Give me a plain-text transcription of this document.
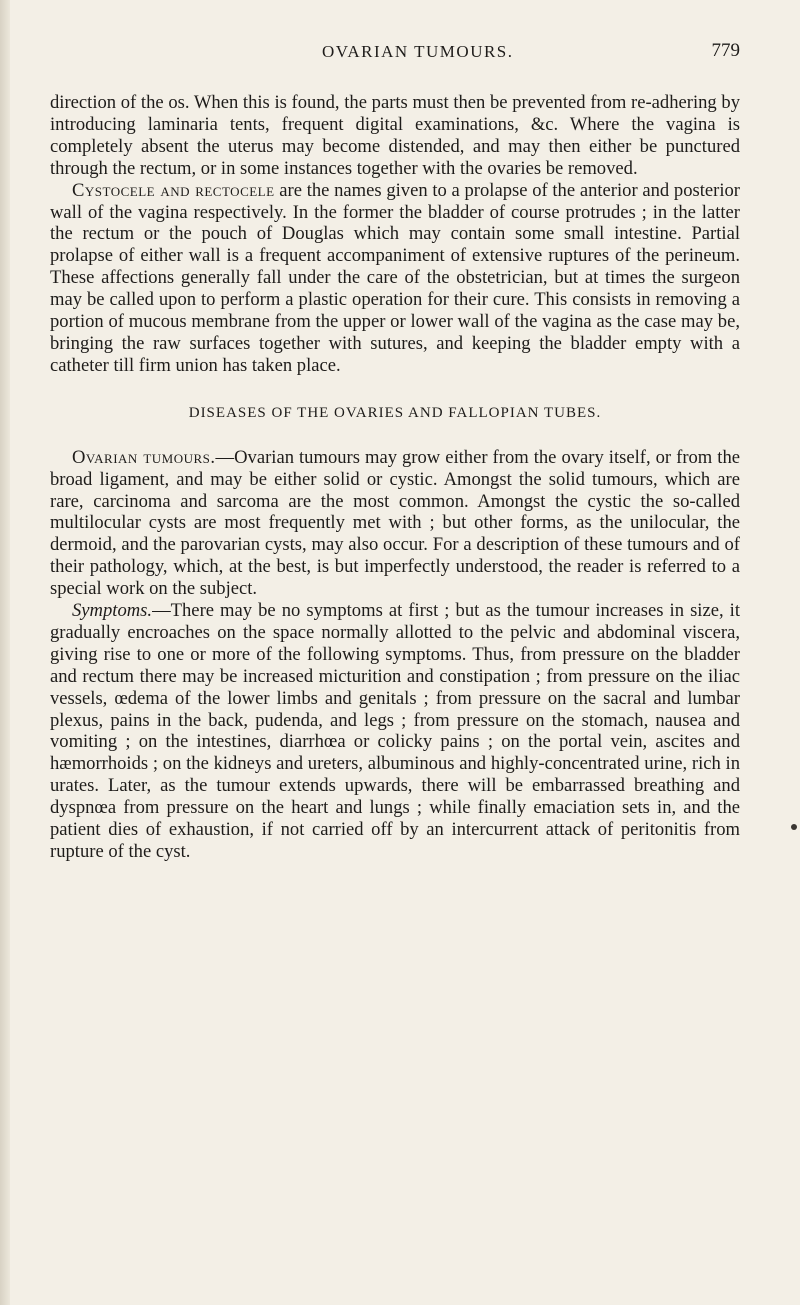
OVARIAN TUMOURS.	779

direction of the os. When this is found, the parts must then be prevented from re-adhering by introducing laminaria tents, frequent digital examinations, &c. Where the vagina is completely absent the uterus may become distended, and may then either be punctured through the rectum, or in some instances together with the ovaries be removed.

Cystocele and rectocele are the names given to a prolapse of the anterior and posterior wall of the vagina respectively. In the former the bladder of course protrudes ; in the latter the rectum or the pouch of Douglas which may contain some small intestine. Partial prolapse of either wall is a frequent accompaniment of extensive ruptures of the perineum. These affections generally fall under the care of the obstetrician, but at times the surgeon may be called upon to perform a plastic operation for their cure. This consists in removing a portion of mucous membrane from the upper or lower wall of the vagina as the case may be, bringing the raw surfaces together with sutures, and keeping the bladder empty with a catheter till firm union has taken place.

DISEASES OF THE OVARIES AND FALLOPIAN TUBES.

Ovarian tumours.—Ovarian tumours may grow either from the ovary itself, or from the broad ligament, and may be either solid or cystic. Amongst the solid tumours, which are rare, carcinoma and sarcoma are the most common. Amongst the cystic the so-called multilocular cysts are most frequently met with ; but other forms, as the unilocular, the dermoid, and the parovarian cysts, may also occur. For a description of these tumours and of their pathology, which, at the best, is but imperfectly understood, the reader is referred to a special work on the subject.

Symptoms.—There may be no symptoms at first ; but as the tumour increases in size, it gradually encroaches on the space normally allotted to the pelvic and abdominal viscera, giving rise to one or more of the following symptoms. Thus, from pressure on the bladder and rectum there may be increased micturition and constipation ; from pressure on the iliac vessels, œdema of the lower limbs and genitals ; from pressure on the sacral and lumbar plexus, pains in the back, pudenda, and legs ; from pressure on the stomach, nausea and vomiting ; on the intestines, diarrhœa or colicky pains ; on the portal vein, ascites and hæmorrhoids ; on the kidneys and ureters, albuminous and highly-concentrated urine, rich in urates. Later, as the tumour extends upwards, there will be embarrassed breathing and dyspnœa from pressure on the heart and lungs ; while finally emaciation sets in, and the patient dies of exhaustion, if not carried off by an intercurrent attack of peritonitis from rupture of the cyst.
